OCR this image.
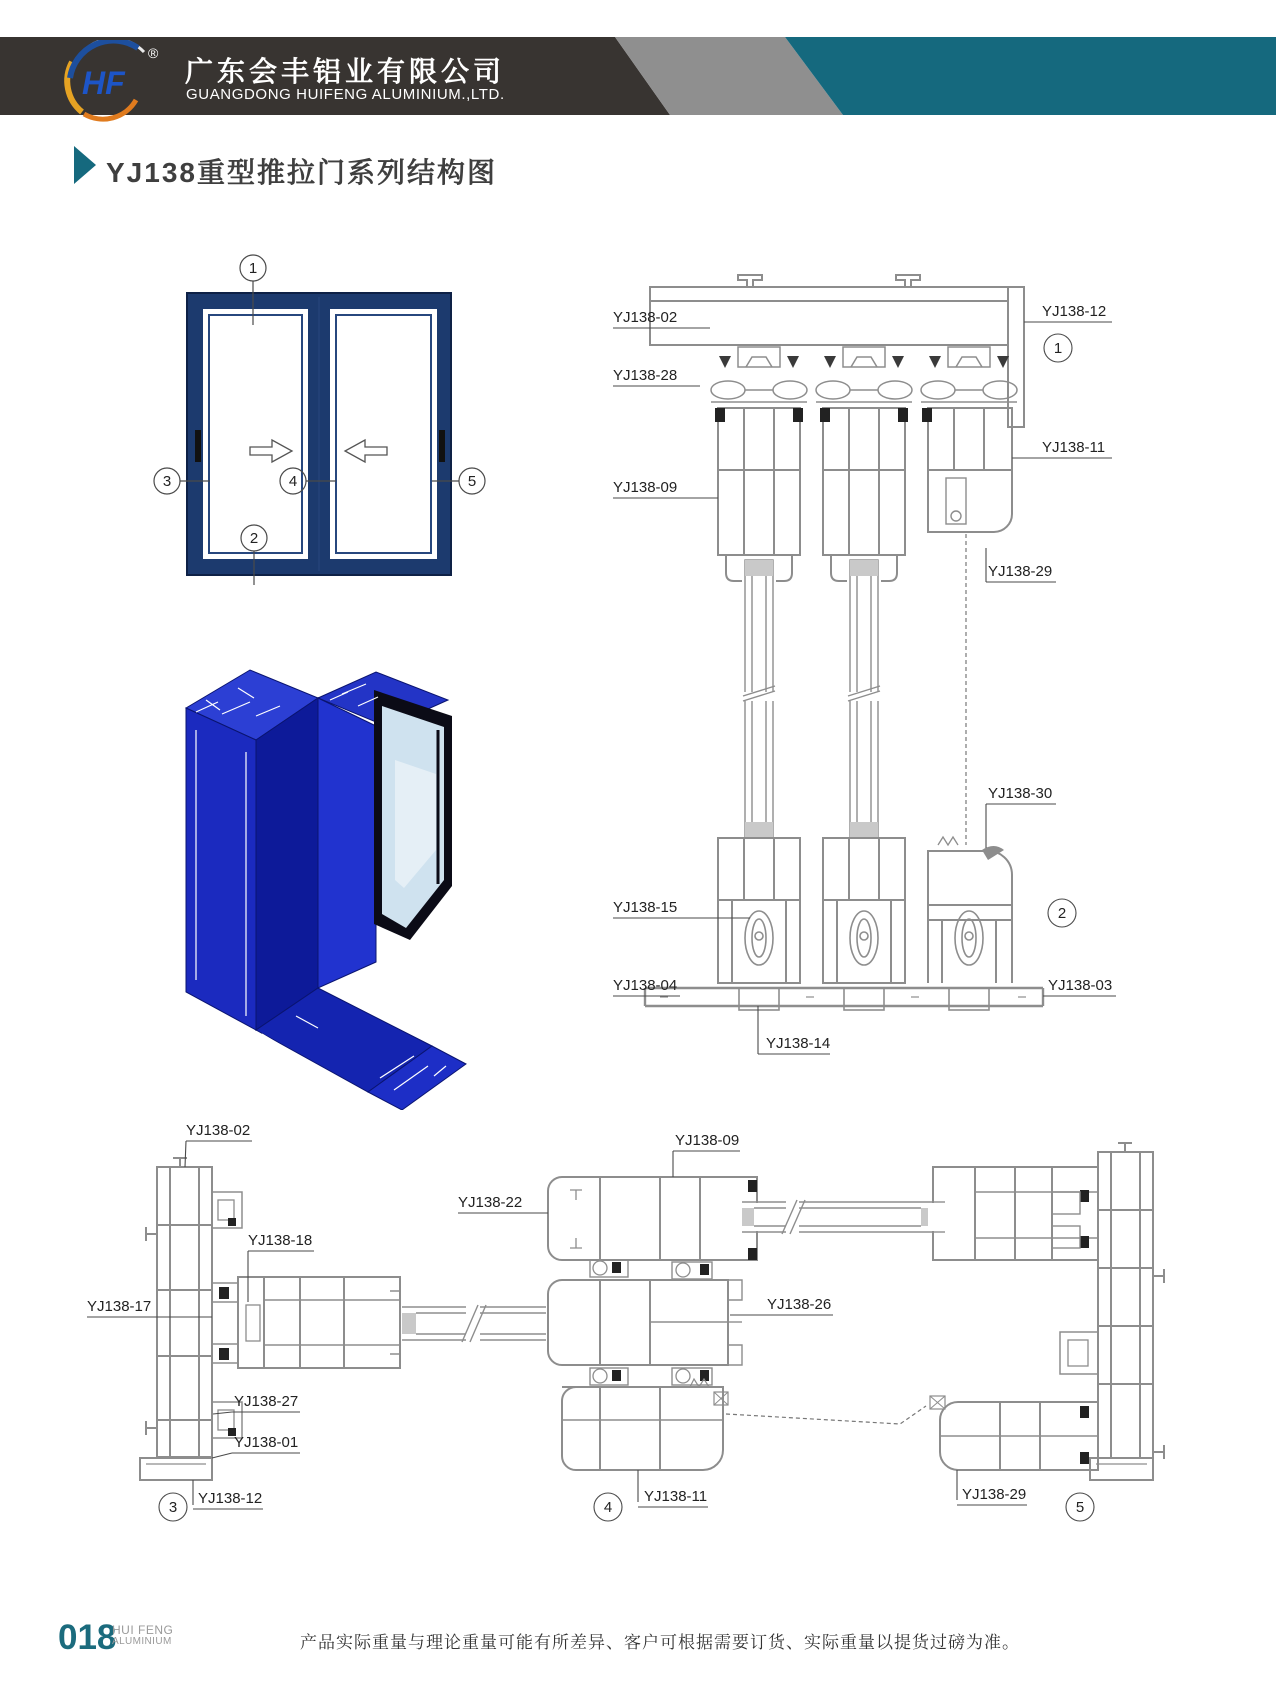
HF
®
广东会丰铝业有限公司
GUANGDONG HUIFENG ALUMINIUM.,LTD.
YJ138重型推拉门系列结构图
1
2
3	4	5
YJ138-02
YJ138-28
YJ138-09
YJ138-15
YJ138-04
YJ138-14
YJ138-03
YJ138-12
YJ138-11
YJ138-29
YJ138-30
1
2
YJ138-02
YJ138-18
YJ138-17
YJ138-27
YJ138-01
YJ138-12
YJ138-09
YJ138-22
YJ138-26
YJ138-11	YJ138-29
3	4	5
018
HUI FENG
ALUMINIUM	产品实际重量与理论重量可能有所差异、客户可根据需要订货、实际重量以提货过磅为准。
